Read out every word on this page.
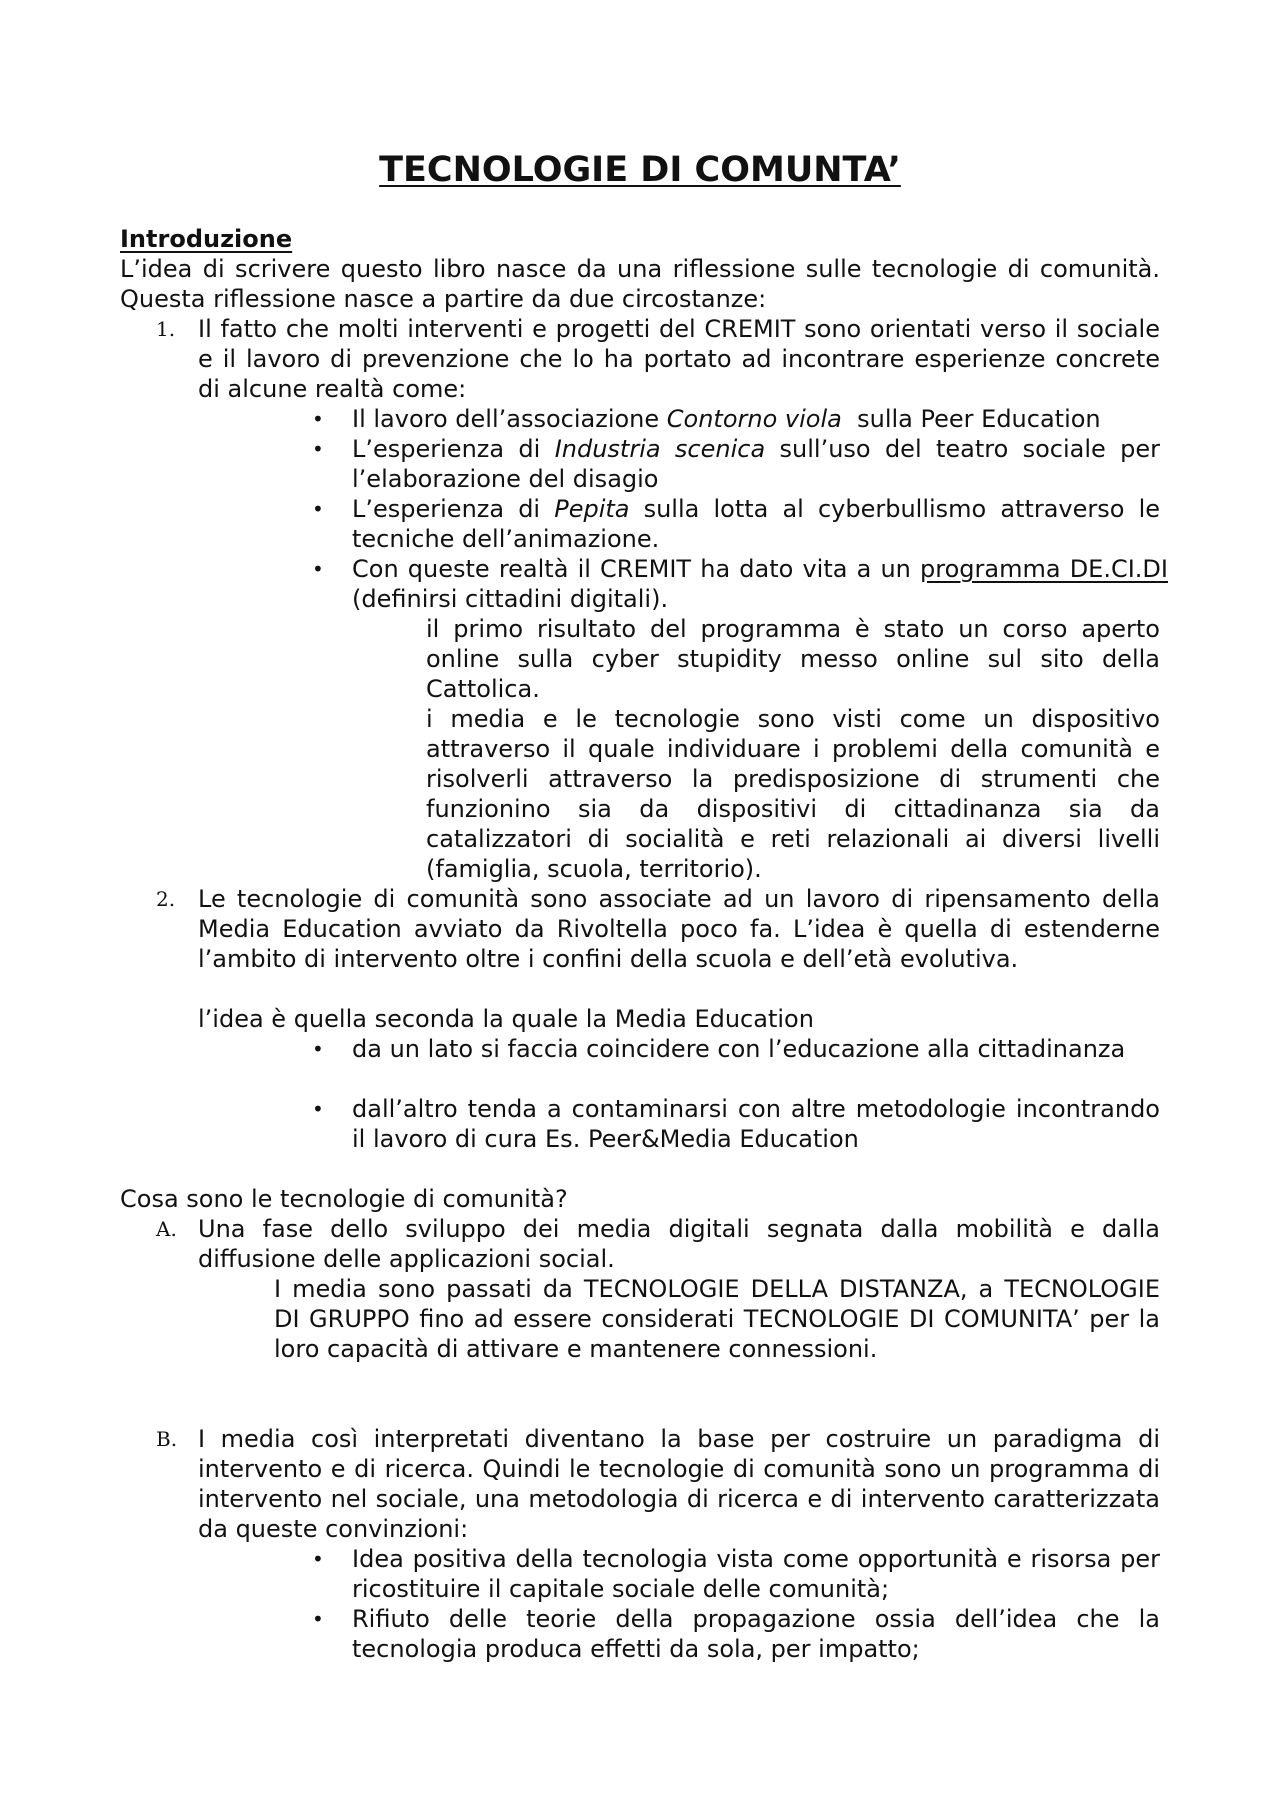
TECNOLOGIE DI COMUNTA’
Introduzione

L’idea di scrivere questo libro nasce da una riflessione sulle tecnologie di comunità. Questa riflessione nasce a partire da due circostanze:

1. Il fatto che molti interventi e progetti del CREMIT sono orientati verso il sociale e il lavoro di prevenzione che lo ha portato ad incontrare esperienze concrete di alcune realtà come:

• Il lavoro dell’associazione Contorno viola  sulla Peer Education

• L’esperienza di Industria scenica sull’uso del teatro sociale per l’elaborazione del disagio

• L’esperienza di Pepita sulla lotta al cyberbullismo attraverso le tecniche dell’animazione.

• Con queste realtà il CREMIT ha dato vita a un programma DE.CI.DI (definirsi cittadini digitali).

il primo risultato del programma è stato un corso aperto online sulla cyber stupidity messo online sul sito della Cattolica.

i media e le tecnologie sono visti come un dispositivo attraverso il quale individuare i problemi della comunità e risolverli attraverso la predisposizione di strumenti che funzionino sia da dispositivi di cittadinanza sia da catalizzatori di socialità e reti relazionali ai diversi livelli (famiglia, scuola, territorio).

2. Le tecnologie di comunità sono associate ad un lavoro di ripensamento della Media Education avviato da Rivoltella poco fa. L’idea è quella di estenderne l’ambito di intervento oltre i confini della scuola e dell’età evolutiva.

l’idea è quella seconda la quale la Media Education

• da un lato si faccia coincidere con l’educazione alla cittadinanza

• dall’altro tenda a contaminarsi con altre metodologie incontrando il lavoro di cura Es. Peer&Media Education

Cosa sono le tecnologie di comunità?

A. Una fase dello sviluppo dei media digitali segnata dalla mobilità e dalla diffusione delle applicazioni social.

I media sono passati da TECNOLOGIE DELLA DISTANZA, a TECNOLOGIE DI GRUPPO fino ad essere considerati TECNOLOGIE DI COMUNITA’ per la loro capacità di attivare e mantenere connessioni.

B. I media così interpretati diventano la base per costruire un paradigma di intervento e di ricerca. Quindi le tecnologie di comunità sono un programma di intervento nel sociale, una metodologia di ricerca e di intervento caratterizzata da queste convinzioni:

• Idea positiva della tecnologia vista come opportunità e risorsa per ricostituire il capitale sociale delle comunità;

• Rifiuto delle teorie della propagazione ossia dell’idea che la tecnologia produca effetti da sola, per impatto;
